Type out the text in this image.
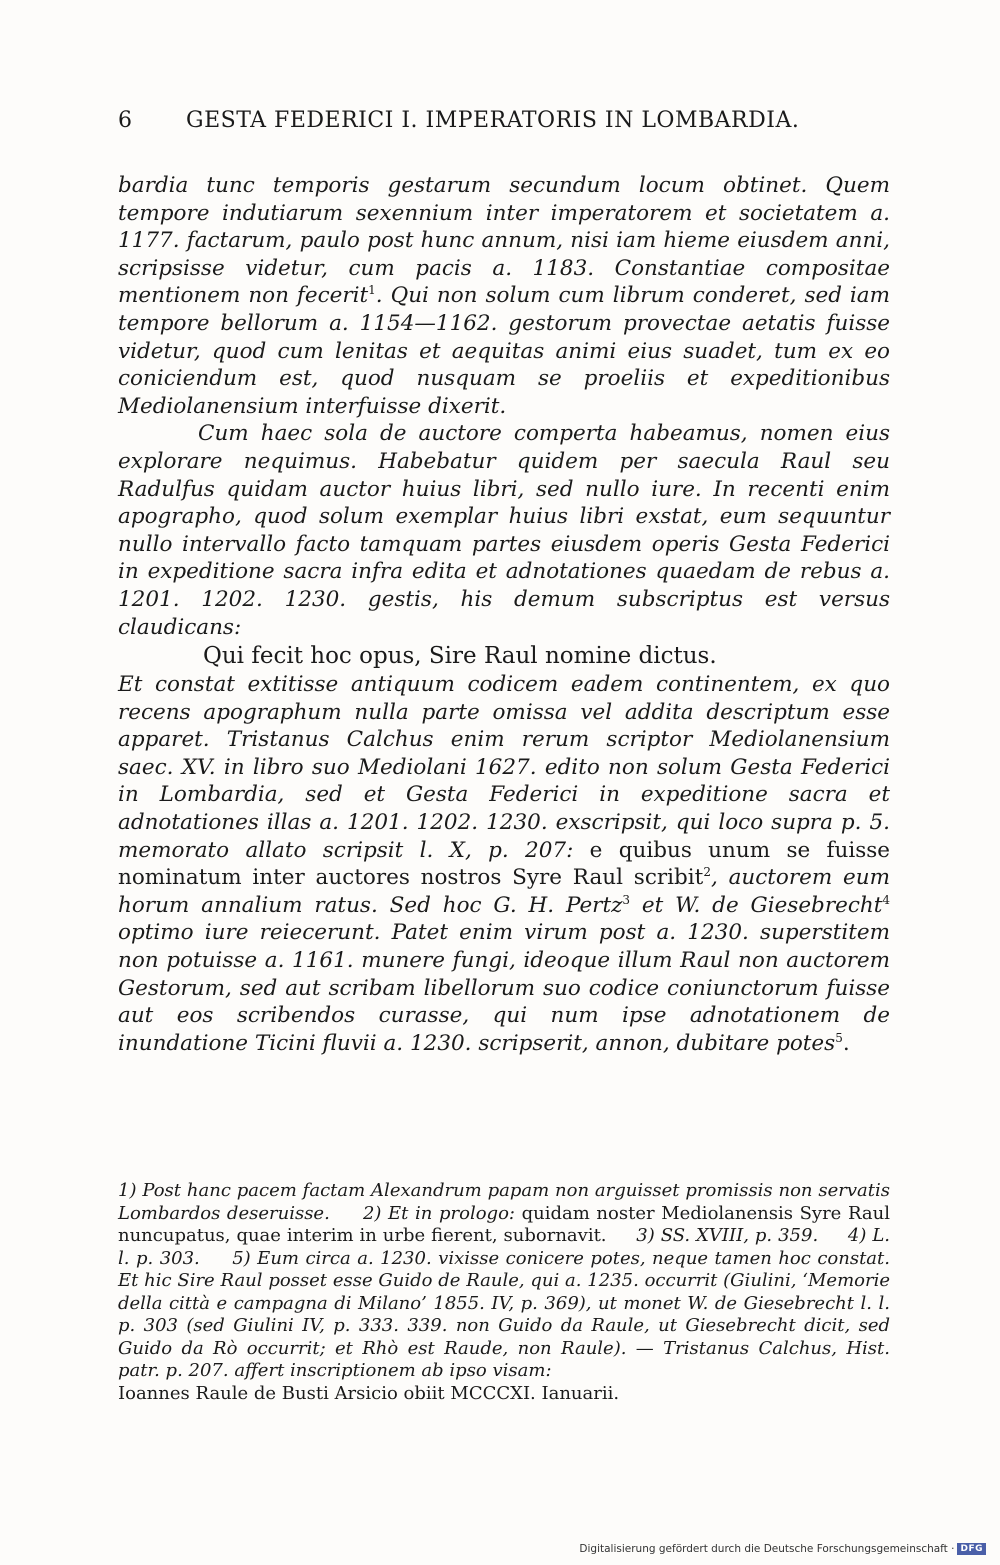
6 GESTA FEDERICI I. IMPERATORIS IN LOMBARDIA.

bardia tunc temporis gestarum secundum locum obtinet. Quem tempore indutiarum sexennium inter imperatorem et societatem a. 1177. factarum, paulo post hunc annum, nisi iam hieme eiusdem anni, scripsisse videtur, cum pacis a. 1183. Constantiae compositae mentionem non fecerit$^1$. Qui non solum cum librum conderet, sed iam tempore bellorum a. 1154—1162. gestorum provectae aetatis fuisse videtur, quod cum lenitas et aequitas animi eius suadet, tum ex eo coniciendum est, quod nusquam se proeliis et expeditionibus Mediolanensium interfuisse dixerit.

Cum haec sola de auctore comperta habeamus, nomen eius explorare nequimus. Habebatur quidem per saecula Raul seu Radulfus quidam auctor huius libri, sed nullo iure. In recenti enim apographo, quod solum exemplar huius libri exstat, eum sequuntur nullo intervallo facto tamquam partes eiusdem operis Gesta Federici in expeditione sacra infra edita et adnotationes quaedam de rebus a. 1201. 1202. 1230. gestis, his demum subscriptus est versus claudicans:

Qui fecit hoc opus, Sire Raul nomine dictus.

Et constat extitisse antiquum codicem eadem continentem, ex quo recens apographum nulla parte omissa vel addita descriptum esse apparet. Tristanus Calchus enim rerum scriptor Mediolanensium saec. XV. in libro suo Mediolani 1627. edito non solum Gesta Federici in Lombardia, sed et Gesta Federici in expeditione sacra et adnotationes illas a. 1201. 1202. 1230. exscripsit, qui loco supra p. 5. memorato allato scripsit l. X, p. 207: e quibus unum se fuisse nominatum inter auctores nostros Syre Raul scribit$^2$, auctorem eum horum annalium ratus. Sed hoc G. H. Pertz$^3$ et W. de Giesebrecht$^4$ optimo iure reiecerunt. Patet enim virum post a. 1230. superstitem non potuisse a. 1161. munere fungi, ideoque illum Raul non auctorem Gestorum, sed aut scribam libellorum suo codice coniunctorum fuisse aut eos scribendos curasse, qui num ipse adnotationem de inundatione Ticini fluvii a. 1230. scripserit, annon, dubitare potes$^5$.

1) Post hanc pacem factam Alexandrum papam non arguisset promissis non servatis Lombardos deseruisse. 2) Et in prologo: quidam noster Mediolanensis Syre Raul nuncupatus, quae interim in urbe fierent, subornavit. 3) SS. XVIII, p. 359. 4) L. l. p. 303. 5) Eum circa a. 1230. vixisse conicere potes, neque tamen hoc constat. Et hic Sire Raul posset esse Guido de Raule, qui a. 1235. occurrit (Giulini, ‘Memorie della città e campagna di Milano’ 1855. IV, p. 369), ut monet W. de Giesebrecht l. l. p. 303 (sed Giulini IV, p. 333. 339. non Guido da Raule, ut Giesebrecht dicit, sed Guido da Rò occurrit; et Rhò est Raude, non Raule). — Tristanus Calchus, Hist. patr. p. 207. affert inscriptionem ab ipso visam:

Ioannes Raule de Busti Arsicio obiit MCCCXI. Ianuarii.

Digitalisierung gefördert durch die Deutsche Forschungsgemeinschaft · DFG
